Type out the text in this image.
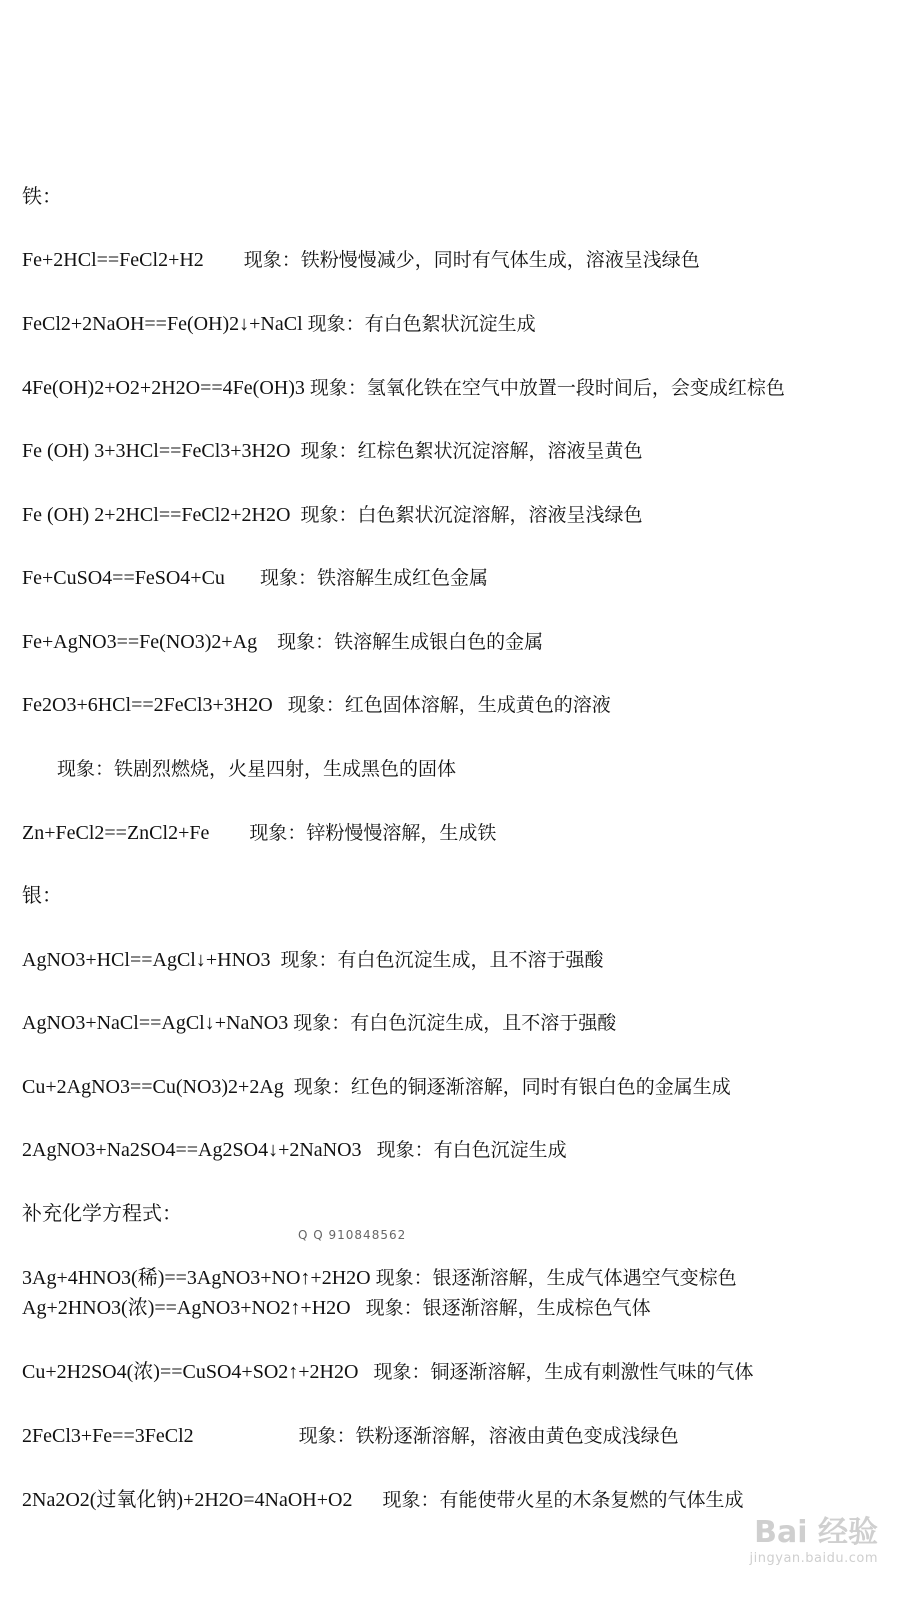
铁：
Fe+2HCl==FeCl2+H2        现象：铁粉慢慢减少，同时有气体生成，溶液呈浅绿色
FeCl2+2NaOH==Fe(OH)2↓+NaCl 现象：有白色絮状沉淀生成
4Fe(OH)2+O2+2H2O==4Fe(OH)3 现象：氢氧化铁在空气中放置一段时间后，会变成红棕色
Fe (OH) 3+3HCl==FeCl3+3H2O  现象：红棕色絮状沉淀溶解，溶液呈黄色
Fe (OH) 2+2HCl==FeCl2+2H2O  现象：白色絮状沉淀溶解，溶液呈浅绿色
Fe+CuSO4==FeSO4+Cu       现象：铁溶解生成红色金属
Fe+AgNO3==Fe(NO3)2+Ag    现象：铁溶解生成银白色的金属
Fe2O3+6HCl==2FeCl3+3H2O   现象：红色固体溶解，生成黄色的溶液
现象：铁剧烈燃烧，火星四射，生成黑色的固体
Zn+FeCl2==ZnCl2+Fe        现象：锌粉慢慢溶解，生成铁
银：
AgNO3+HCl==AgCl↓+HNO3  现象：有白色沉淀生成，且不溶于强酸
AgNO3+NaCl==AgCl↓+NaNO3 现象：有白色沉淀生成，且不溶于强酸
Cu+2AgNO3==Cu(NO3)2+2Ag  现象：红色的铜逐渐溶解，同时有银白色的金属生成
2AgNO3+Na2SO4==Ag2SO4↓+2NaNO3   现象：有白色沉淀生成
补充化学方程式：
Q Q 910848562
3Ag+4HNO3(稀)==3AgNO3+NO↑+2H2O 现象：银逐渐溶解，生成气体遇空气变棕色
Ag+2HNO3(浓)==AgNO3+NO2↑+H2O   现象：银逐渐溶解，生成棕色气体
Cu+2H2SO4(浓)==CuSO4+SO2↑+2H2O   现象：铜逐渐溶解，生成有刺激性气味的气体
2FeCl3+Fe==3FeCl2                     现象：铁粉逐渐溶解，溶液由黄色变成浅绿色
2Na2O2(过氧化钠)+2H2O=4NaOH+O2      现象：有能使带火星的木条复燃的气体生成
Bai 经验
jingyan.baidu.com
